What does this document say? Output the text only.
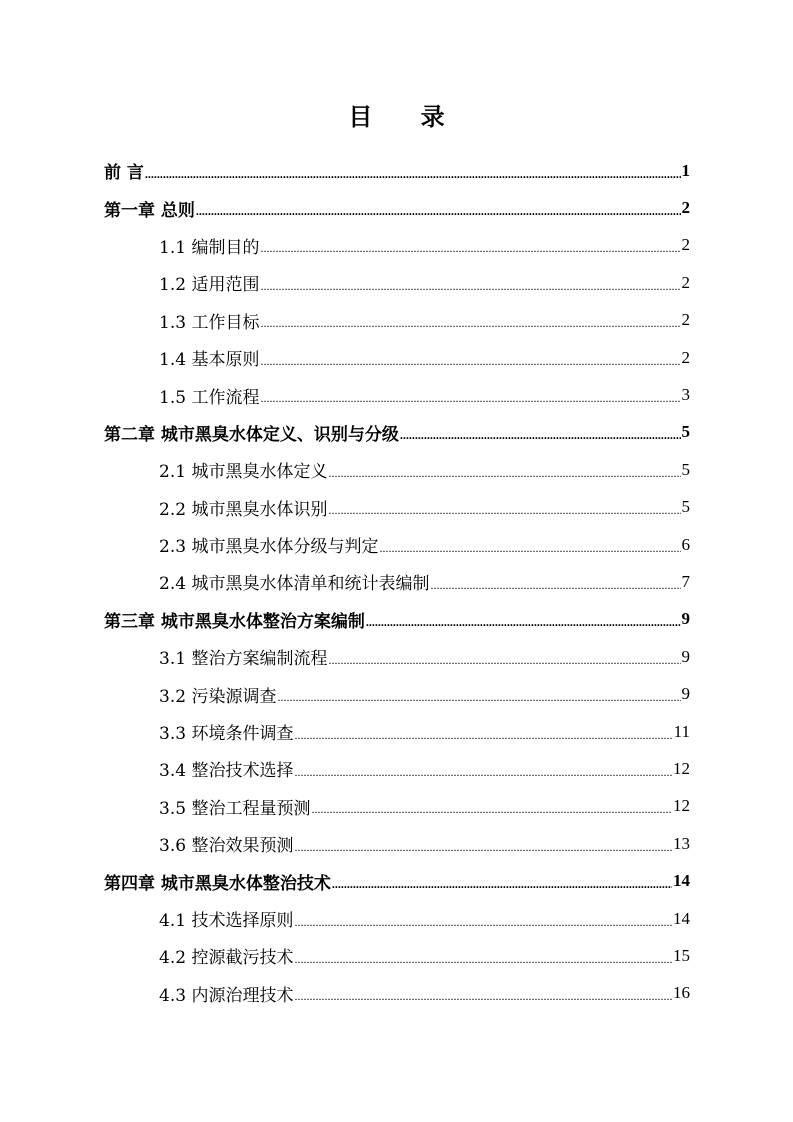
目 录
前 言 .....	1
第一章 总则 .....	2
1.1 编制目的 .....	2
1.2 适用范围 .....	2
1.3 工作目标 .....	2
1.4 基本原则 .....	2
1.5 工作流程 .....	3
第二章 城市黑臭水体定义、识别与分级 .....	5
2.1 城市黑臭水体定义 .....	5
2.2 城市黑臭水体识别 .....	5
2.3 城市黑臭水体分级与判定 .....	6
2.4 城市黑臭水体清单和统计表编制 .....	7
第三章 城市黑臭水体整治方案编制 .....	9
3.1 整治方案编制流程 .....	9
3.2 污染源调查 .....	9
3.3 环境条件调查 .....	11
3.4 整治技术选择 .....	12
3.5 整治工程量预测 .....	12
3.6 整治效果预测 .....	13
第四章 城市黑臭水体整治技术 .....	14
4.1 技术选择原则 .....	14
4.2 控源截污技术 .....	15
4.3 内源治理技术 .....	16
